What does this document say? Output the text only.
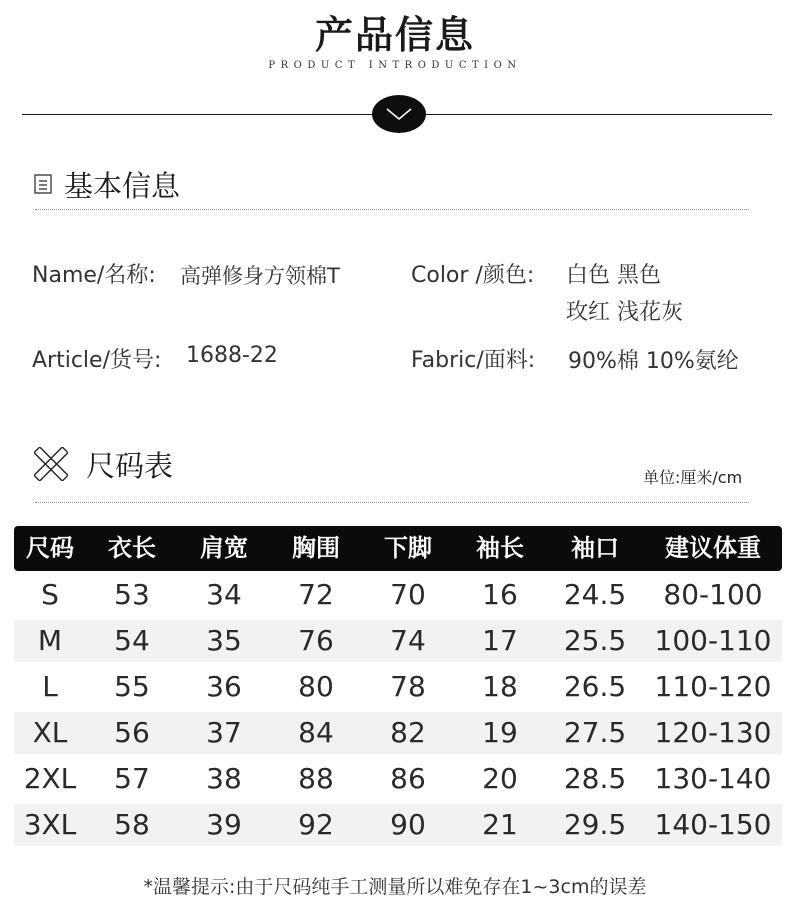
产品信息
PRODUCT INTRODUCTION
基本信息
Name/名称: 高弹修身方领棉T	Color /颜色: 白色 黑色
玫红 浅花灰
Article/货号: 1688-22	Fabric/面料: 90%棉 10%氨纶
尺码表	单位:厘米/cm
尺码	衣长	肩宽	胸围	下脚	袖长	袖口	建议体重
S	53	34	72	70	16	24.5	80-100
M	54	35	76	74	17	25.5	100-110
L	55	36	80	78	18	26.5	110-120
XL	56	37	84	82	19	27.5	120-130
2XL	57	38	88	86	20	28.5	130-140
3XL	58	39	92	90	21	29.5	140-150
*温馨提示:由于尺码纯手工测量所以难免存在1~3cm的误差
